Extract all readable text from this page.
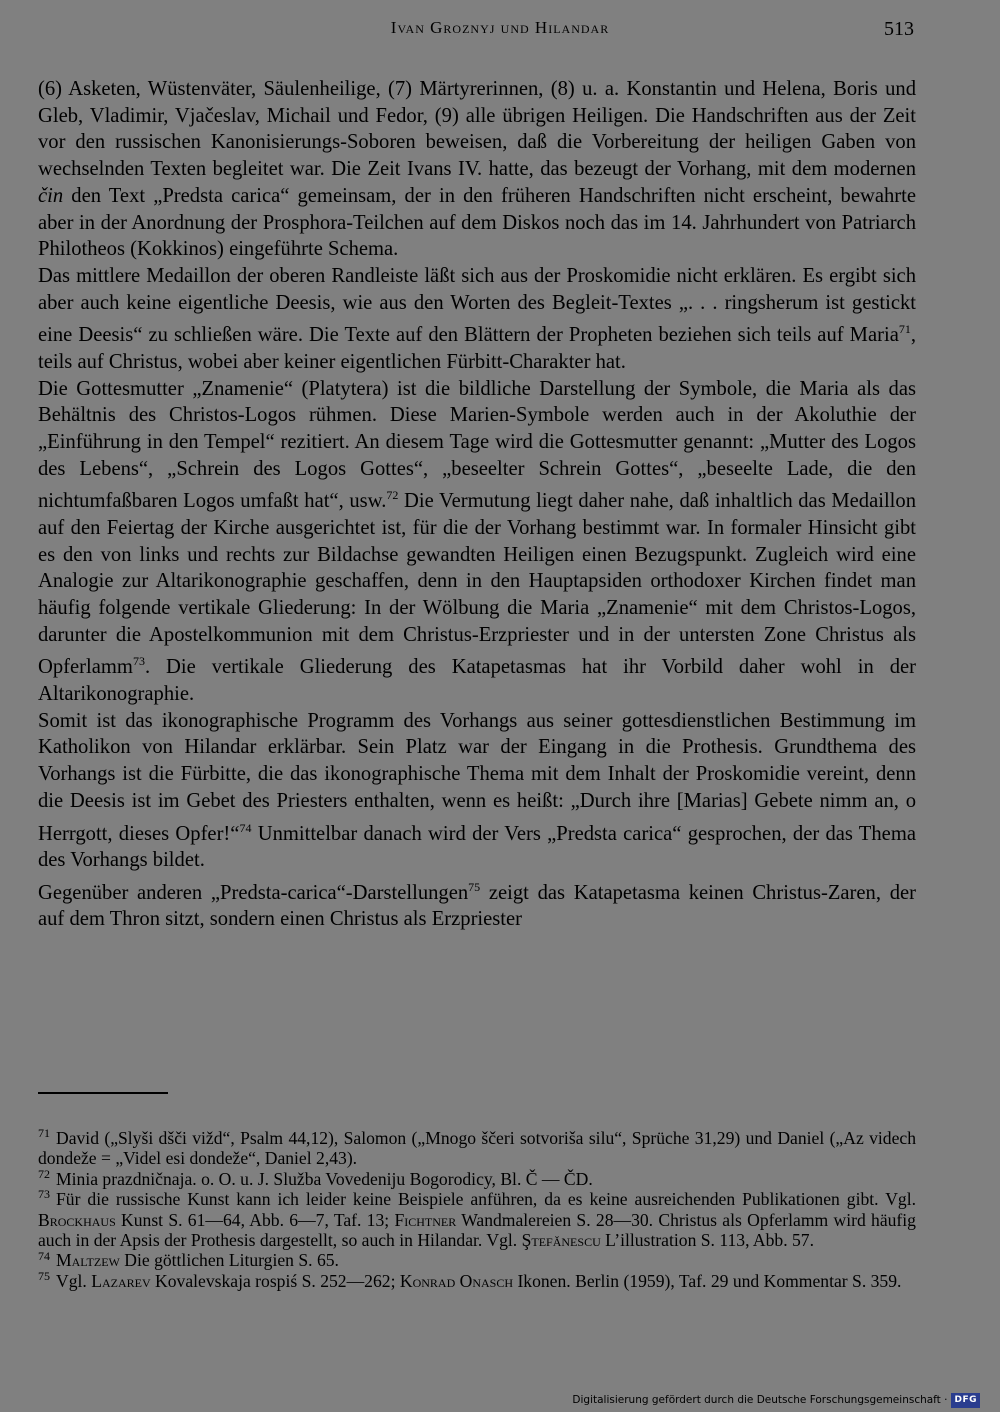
Ivan Groznyj und Hilandar	513

(6) Asketen, Wüstenväter, Säulenheilige, (7) Märtyrerinnen, (8) u. a. Konstantin und Helena, Boris und Gleb, Vladimir, Vjačeslav, Michail und Fedor, (9) alle übrigen Heiligen. Die Handschriften aus der Zeit vor den russischen Kanonisierungs-Soboren beweisen, daß die Vorbereitung der heiligen Gaben von wechselnden Texten begleitet war. Die Zeit Ivans IV. hatte, das bezeugt der Vorhang, mit dem modernen čin den Text „Predsta carica“ gemeinsam, der in den früheren Handschriften nicht erscheint, bewahrte aber in der Anordnung der Prosphora-Teilchen auf dem Diskos noch das im 14. Jahrhundert von Patriarch Philotheos (Kokkinos) eingeführte Schema.

Das mittlere Medaillon der oberen Randleiste läßt sich aus der Proskomidie nicht erklären. Es ergibt sich aber auch keine eigentliche Deesis, wie aus den Worten des Begleit-Textes „. . . ringsherum ist gestickt eine Deesis“ zu schließen wäre. Die Texte auf den Blättern der Propheten beziehen sich teils auf Maria$^{71}$, teils auf Christus, wobei aber keiner eigentlichen Fürbitt-Charakter hat.

Die Gottesmutter „Znamenie“ (Platytera) ist die bildliche Darstellung der Symbole, die Maria als das Behältnis des Christos-Logos rühmen. Diese Marien-Symbole werden auch in der Akoluthie der „Einführung in den Tempel“ rezitiert. An diesem Tage wird die Gottesmutter genannt: „Mutter des Logos des Lebens“, „Schrein des Logos Gottes“, „beseelter Schrein Gottes“, „beseelte Lade, die den nichtumfaßbaren Logos umfaßt hat“, usw.$^{72}$ Die Vermutung liegt daher nahe, daß inhaltlich das Medaillon auf den Feiertag der Kirche ausgerichtet ist, für die der Vorhang bestimmt war. In formaler Hinsicht gibt es den von links und rechts zur Bildachse gewandten Heiligen einen Bezugspunkt. Zugleich wird eine Analogie zur Altarikonographie geschaffen, denn in den Hauptapsiden orthodoxer Kirchen findet man häufig folgende vertikale Gliederung: In der Wölbung die Maria „Znamenie“ mit dem Christos-Logos, darunter die Apostelkommunion mit dem Christus-Erzpriester und in der untersten Zone Christus als Opferlamm$^{73}$. Die vertikale Gliederung des Katapetasmas hat ihr Vorbild daher wohl in der Altarikonographie.

Somit ist das ikonographische Programm des Vorhangs aus seiner gottesdienstlichen Bestimmung im Katholikon von Hilandar erklärbar. Sein Platz war der Eingang in die Prothesis. Grundthema des Vorhangs ist die Fürbitte, die das ikonographische Thema mit dem Inhalt der Proskomidie vereint, denn die Deesis ist im Gebet des Priesters enthalten, wenn es heißt: „Durch ihre [Marias] Gebete nimm an, o Herrgott, dieses Opfer!“$^{74}$ Unmittelbar danach wird der Vers „Predsta carica“ gesprochen, der das Thema des Vorhangs bildet.

Gegenüber anderen „Predsta-carica“-Darstellungen$^{75}$ zeigt das Katapetasma keinen Christus-Zaren, der auf dem Thron sitzt, sondern einen Christus als Erzpriester

$^{71}$ David („Slyši dšči vižd“, Psalm 44,12), Salomon („Mnogo ščeri sotvoriša silu“, Sprüche 31,29) und Daniel („Az videch dondeže = „Videl esi dondeže“, Daniel 2,43).

$^{72}$ Minia prazdničnaja. o. O. u. J. Služba Vovedeniju Bogorodicy, Bl. Č — ČD.

$^{73}$ Für die russische Kunst kann ich leider keine Beispiele anführen, da es keine ausreichenden Publikationen gibt. Vgl. Brockhaus Kunst S. 61—64, Abb. 6—7, Taf. 13; Fichtner Wandmalereien S. 28—30. Christus als Opferlamm wird häufig auch in der Apsis der Prothesis dargestellt, so auch in Hilandar. Vgl. Ştefănescu L’illustration S. 113, Abb. 57.

$^{74}$ Maltzew Die göttlichen Liturgien S. 65.

$^{75}$ Vgl. Lazarev Kovalevskaja rospiś S. 252—262; Konrad Onasch Ikonen. Berlin (1959), Taf. 29 und Kommentar S. 359.

Digitalisierung gefördert durch die Deutsche Forschungsgemeinschaft · DFG
